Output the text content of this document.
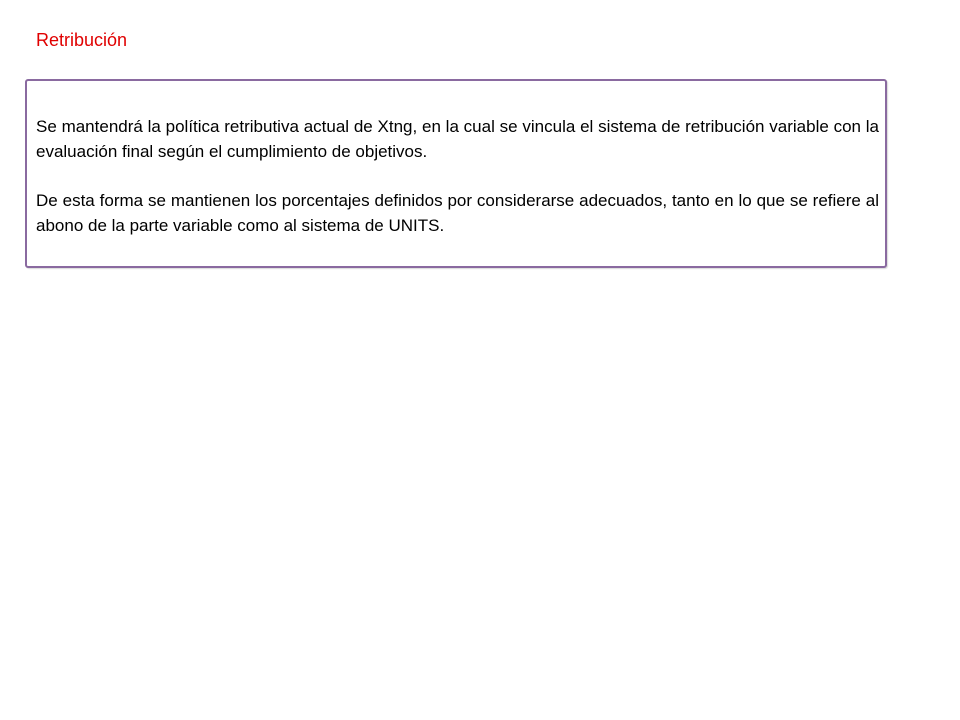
Retribución

Se mantendrá la política retributiva actual de Xtng, en la cual se vincula el sistema de retribución variable con la evaluación final según el cumplimiento de objetivos.

De esta forma se mantienen los porcentajes definidos por considerarse adecuados, tanto en lo que se refiere al abono de la parte variable como al sistema de UNITS.
